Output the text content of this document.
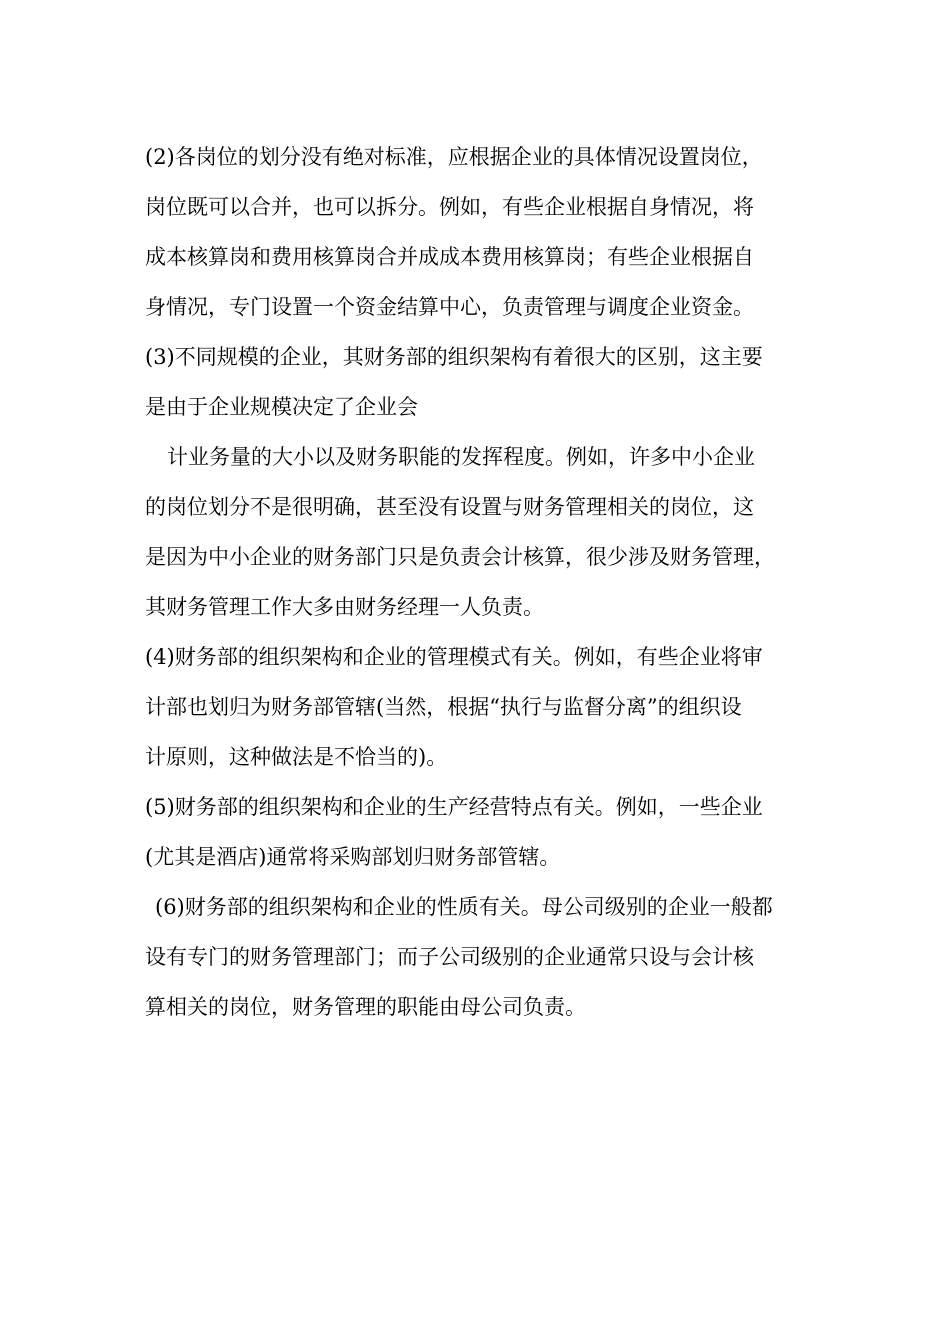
(2)各岗位的划分没有绝对标准，应根据企业的具体情况设置岗位，
岗位既可以合并，也可以拆分。例如，有些企业根据自身情况，将
成本核算岗和费用核算岗合并成成本费用核算岗；有些企业根据自
身情况，专门设置一个资金结算中心，负责管理与调度企业资金。
(3)不同规模的企业，其财务部的组织架构有着很大的区别，这主要
是由于企业规模决定了企业会
计业务量的大小以及财务职能的发挥程度。例如，许多中小企业
的岗位划分不是很明确，甚至没有设置与财务管理相关的岗位，这
是因为中小企业的财务部门只是负责会计核算，很少涉及财务管理，
其财务管理工作大多由财务经理一人负责。
(4)财务部的组织架构和企业的管理模式有关。例如，有些企业将审
计部也划归为财务部管辖(当然，根据“执行与监督分离”的组织设
计原则，这种做法是不恰当的)。
(5)财务部的组织架构和企业的生产经营特点有关。例如，一些企业
(尤其是酒店)通常将采购部划归财务部管辖。
(6)财务部的组织架构和企业的性质有关。母公司级别的企业一般都
设有专门的财务管理部门；而子公司级别的企业通常只设与会计核
算相关的岗位，财务管理的职能由母公司负责。
